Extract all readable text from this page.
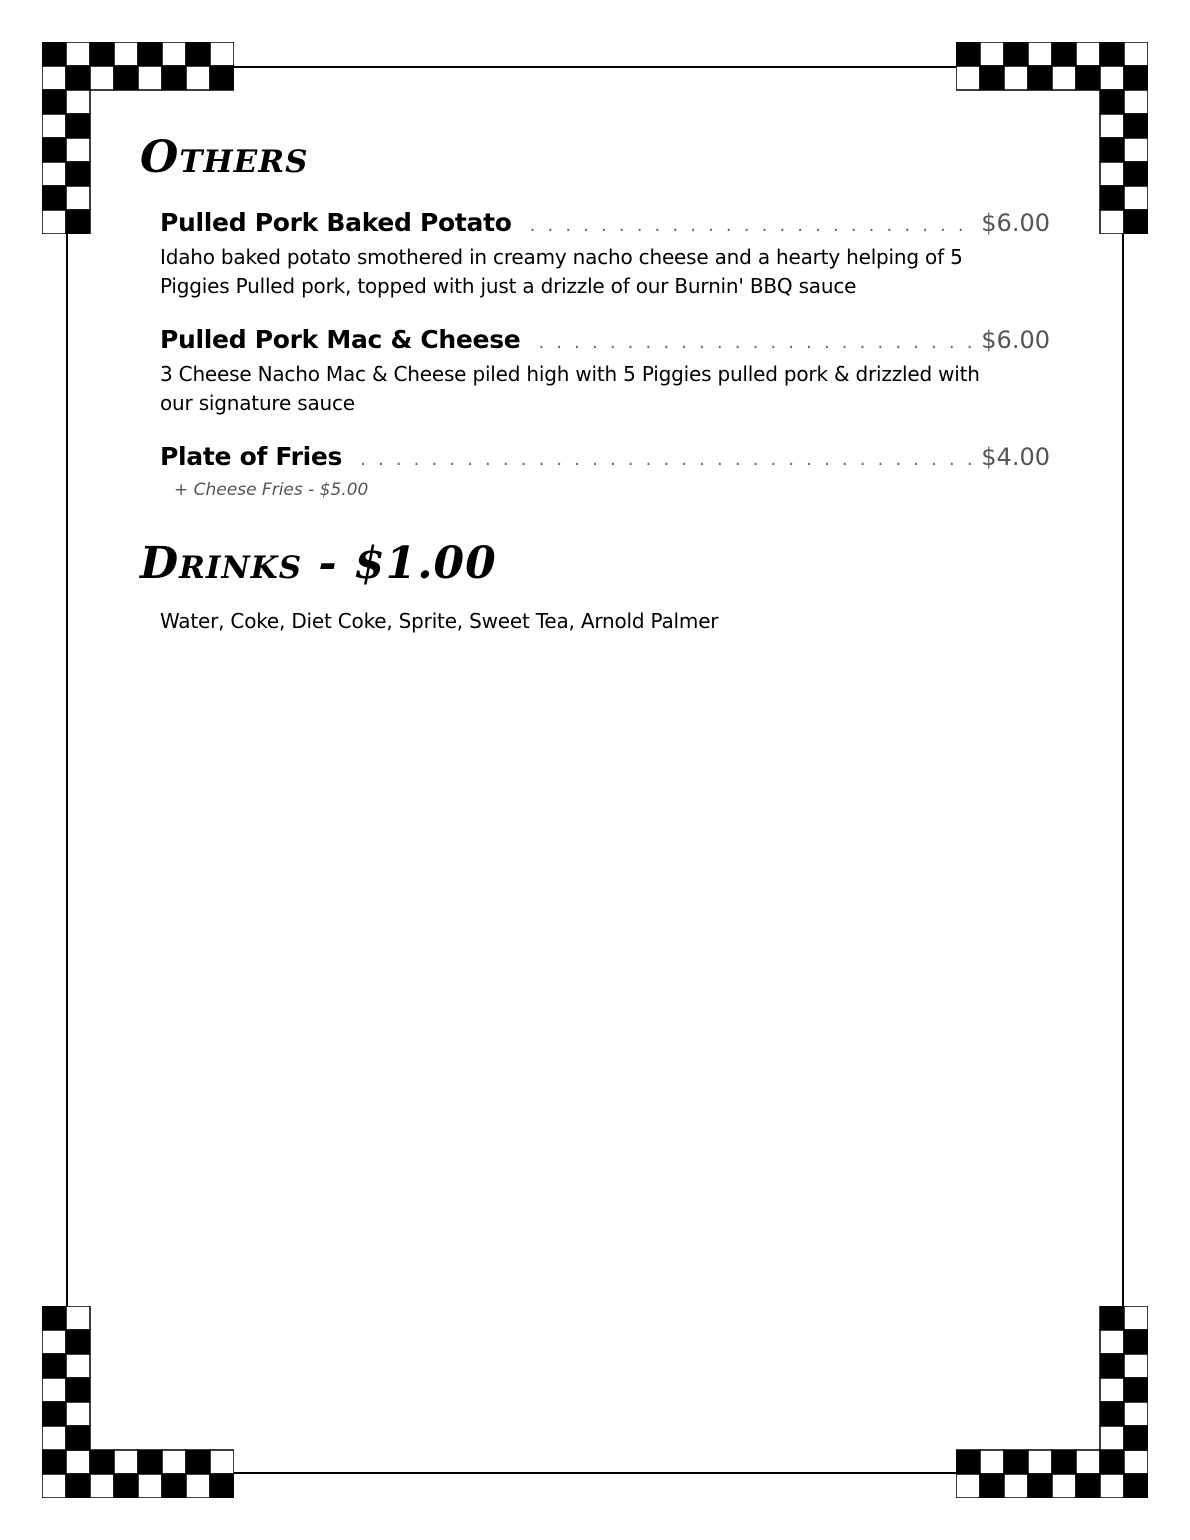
Others
Pulled Pork Baked Potato . . .	$6.00
Idaho baked potato smothered in creamy nacho cheese and a hearty helping of 5 Piggies Pulled pork, topped with just a drizzle of our Burnin' BBQ sauce
Pulled Pork Mac & Cheese . . .	$6.00
3 Cheese Nacho Mac & Cheese piled high with 5 Piggies pulled pork & drizzled with our signature sauce
Plate of Fries . . .	$4.00
+ Cheese Fries - $5.00
Drinks - $1.00
Water, Coke, Diet Coke, Sprite, Sweet Tea, Arnold Palmer
